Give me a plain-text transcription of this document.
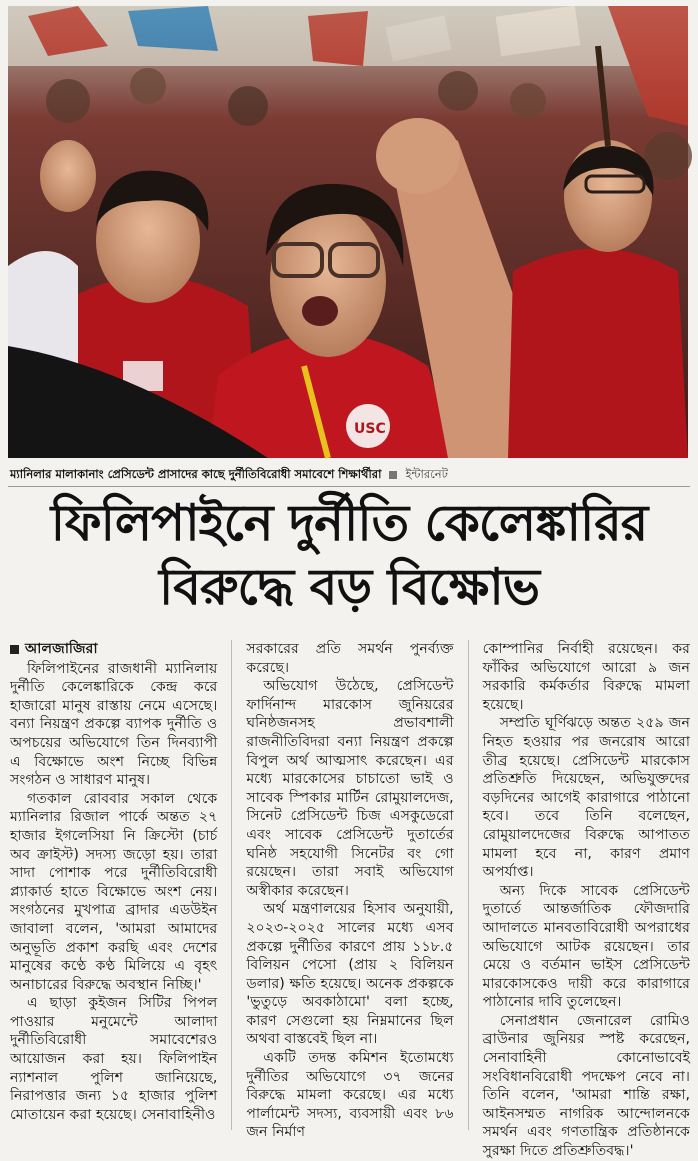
USC
ম্যানিলার মালাকানাং প্রেসিডেন্ট প্রাসাদের কাছে দুর্নীতিবিরোধী সমাবেশে শিক্ষার্থীরা ইন্টারনেট
ফিলিপাইনে দুর্নীতি কেলেঙ্কারির
বিরুদ্ধে বড় বিক্ষোভ
আলজাজিরা

ফিলিপাইনের রাজধানী ম্যানিলায় দুর্নীতি কেলেঙ্কারিকে কেন্দ্র করে হাজারো মানুষ রাস্তায় নেমে এসেছে। বন্যা নিয়ন্ত্রণ প্রকল্পে ব্যাপক দুর্নীতি ও অপচয়ের অভিযোগে তিন দিনব্যাপী এ বিক্ষোভে অংশ নিচ্ছে বিভিন্ন সংগঠন ও সাধারণ মানুষ।

গতকাল রোববার সকাল থেকে ম্যানিলার রিজাল পার্কে অন্তত ২৭ হাজার ইগলেসিয়া নি ক্রিস্টো (চার্চ অব ক্রাইস্ট) সদস্য জড়ো হয়। তারা সাদা পোশাক পরে দুর্নীতিবিরোধী প্ল্যাকার্ড হাতে বিক্ষোভে অংশ নেয়। সংগঠনের মুখপাত্র ব্রাদার এডউইন জাবালা বলেন, 'আমরা আমাদের অনুভূতি প্রকাশ করছি এবং দেশের মানুষের কণ্ঠে কণ্ঠ মিলিয়ে এ বৃহৎ অনাচারের বিরুদ্ধে অবস্থান নিচ্ছি।'

এ ছাড়া কুইজন সিটির পিপল পাওয়ার মনুমেন্টে আলাদা দুর্নীতিবিরোধী সমাবেশেরও আয়োজন করা হয়। ফিলিপাইন ন্যাশনাল পুলিশ জানিয়েছে, নিরাপত্তার জন্য ১৫ হাজার পুলিশ মোতায়েন করা হয়েছে। সেনাবাহিনীও

সরকারের প্রতি সমর্থন পুনর্ব্যক্ত করেছে।

অভিযোগ উঠেছে, প্রেসিডেন্ট ফার্দিনান্দ মারকোস জুনিয়রের ঘনিষ্ঠজনসহ প্রভাবশালী রাজনীতিবিদরা বন্যা নিয়ন্ত্রণ প্রকল্পে বিপুল অর্থ আত্মসাৎ করেছেন। এর মধ্যে মারকোসের চাচাতো ভাই ও সাবেক স্পিকার মার্টিন রোমুয়ালদেজ, সিনেট প্রেসিডেন্ট চিজ এসকুডেরো এবং সাবেক প্রেসিডেন্ট দুতার্তের ঘনিষ্ঠ সহযোগী সিনেটর বং গো রয়েছেন। তারা সবাই অভিযোগ অস্বীকার করেছেন।

অর্থ মন্ত্রণালয়ের হিসাব অনুযায়ী, ২০২৩-২০২৫ সালের মধ্যে এসব প্রকল্পে দুর্নীতির কারণে প্রায় ১১৮.৫ বিলিয়ন পেসো (প্রায় ২ বিলিয়ন ডলার) ক্ষতি হয়েছে। অনেক প্রকল্পকে 'ভুতুড়ে অবকাঠামো' বলা হচ্ছে, কারণ সেগুলো হয় নিম্নমানের ছিল অথবা বাস্তবেই ছিল না।

একটি তদন্ত কমিশন ইতোমধ্যে দুর্নীতির অভিযোগে ৩৭ জনের বিরুদ্ধে মামলা করেছে। এর মধ্যে পার্লামেন্ট সদস্য, ব্যবসায়ী এবং ৮৬ জন নির্মাণ

কোম্পানির নির্বাহী রয়েছেন। কর ফাঁকির অভিযোগে আরো ৯ জন সরকারি কর্মকর্তার বিরুদ্ধে মামলা হয়েছে।

সম্প্রতি ঘূর্ণিঝড়ে অন্তত ২৫৯ জন নিহত হওয়ার পর জনরোষ আরো তীব্র হয়েছে। প্রেসিডেন্ট মারকোস প্রতিশ্রুতি দিয়েছেন, অভিযুক্তদের বড়দিনের আগেই কারাগারে পাঠানো হবে। তবে তিনি বলেছেন, রোমুয়ালদেজের বিরুদ্ধে আপাতত মামলা হবে না, কারণ প্রমাণ অপর্যাপ্ত।

অন্য দিকে সাবেক প্রেসিডেন্ট দুতার্তে আন্তর্জাতিক ফৌজদারি আদালতে মানবতাবিরোধী অপরাধের অভিযোগে আটক রয়েছেন। তার মেয়ে ও বর্তমান ভাইস প্রেসিডেন্ট মারকোসকেও দায়ী করে কারাগারে পাঠানোর দাবি তুলেছেন।

সেনাপ্রধান জেনারেল রোমিও ব্রাউনার জুনিয়র স্পষ্ট করেছেন, সেনাবাহিনী কোনোভাবেই সংবিধানবিরোধী পদক্ষেপ নেবে না। তিনি বলেন, 'আমরা শান্তি রক্ষা, আইনসম্মত নাগরিক আন্দোলনকে সমর্থন এবং গণতান্ত্রিক প্রতিষ্ঠানকে সুরক্ষা দিতে প্রতিশ্রুতিবদ্ধ।'
